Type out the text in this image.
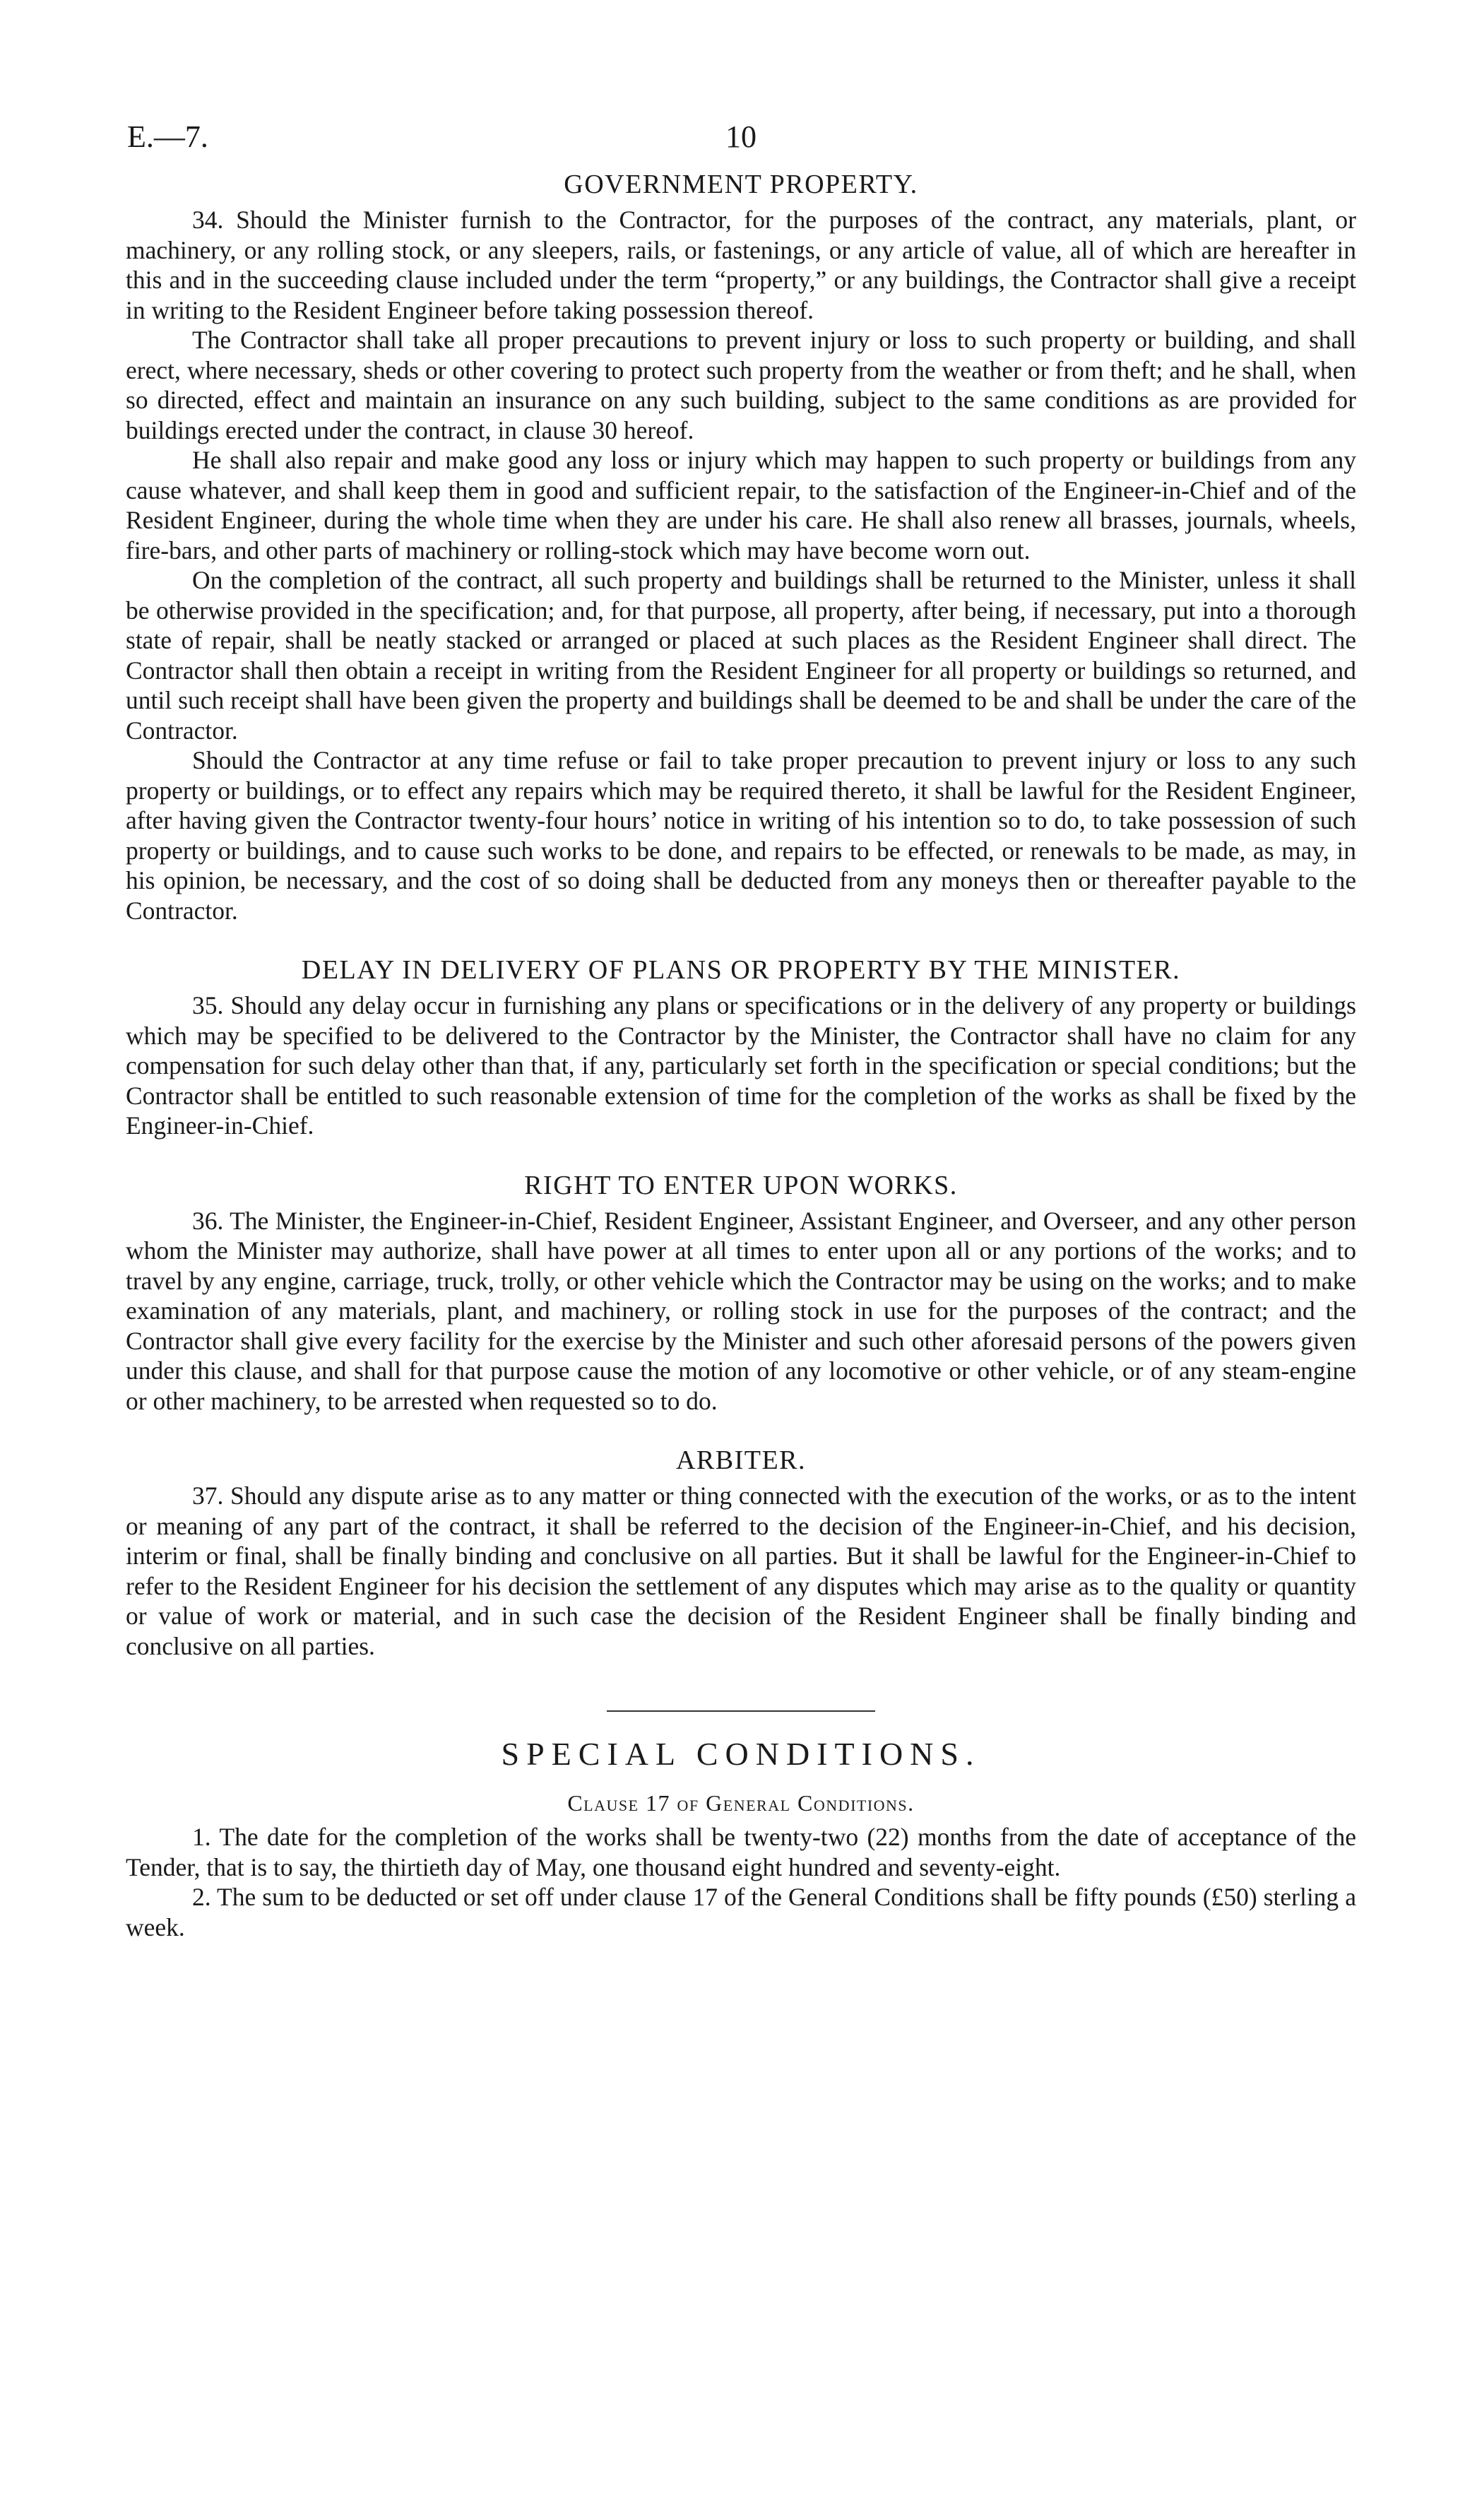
E.—7.	10
GOVERNMENT PROPERTY.

34. Should the Minister furnish to the Contractor, for the purposes of the contract, any materials, plant, or machinery, or any rolling stock, or any sleepers, rails, or fastenings, or any article of value, all of which are hereafter in this and in the succeeding clause included under the term “property,” or any buildings, the Contractor shall give a receipt in writing to the Resident Engineer before taking possession thereof.

The Contractor shall take all proper precautions to prevent injury or loss to such property or building, and shall erect, where necessary, sheds or other covering to protect such property from the weather or from theft; and he shall, when so directed, effect and maintain an insurance on any such building, subject to the same conditions as are provided for buildings erected under the contract, in clause 30 hereof.

He shall also repair and make good any loss or injury which may happen to such property or buildings from any cause whatever, and shall keep them in good and sufficient repair, to the satisfaction of the Engineer-in-Chief and of the Resident Engineer, during the whole time when they are under his care. He shall also renew all brasses, journals, wheels, fire-bars, and other parts of machinery or rolling-stock which may have become worn out.

On the completion of the contract, all such property and buildings shall be returned to the Minister, unless it shall be otherwise provided in the specification; and, for that purpose, all property, after being, if necessary, put into a thorough state of repair, shall be neatly stacked or arranged or placed at such places as the Resident Engineer shall direct. The Contractor shall then obtain a receipt in writing from the Resident Engineer for all property or buildings so returned, and until such receipt shall have been given the property and buildings shall be deemed to be and shall be under the care of the Contractor.

Should the Contractor at any time refuse or fail to take proper precaution to prevent injury or loss to any such property or buildings, or to effect any repairs which may be required thereto, it shall be lawful for the Resident Engineer, after having given the Contractor twenty-four hours’ notice in writing of his intention so to do, to take possession of such property or buildings, and to cause such works to be done, and repairs to be effected, or renewals to be made, as may, in his opinion, be necessary, and the cost of so doing shall be deducted from any moneys then or thereafter payable to the Contractor.

DELAY IN DELIVERY OF PLANS OR PROPERTY BY THE MINISTER.

35. Should any delay occur in furnishing any plans or specifications or in the delivery of any property or buildings which may be specified to be delivered to the Contractor by the Minister, the Contractor shall have no claim for any compensation for such delay other than that, if any, particularly set forth in the specification or special conditions; but the Contractor shall be entitled to such reasonable extension of time for the completion of the works as shall be fixed by the Engineer-in-Chief.

RIGHT TO ENTER UPON WORKS.

36. The Minister, the Engineer-in-Chief, Resident Engineer, Assistant Engineer, and Overseer, and any other person whom the Minister may authorize, shall have power at all times to enter upon all or any portions of the works; and to travel by any engine, carriage, truck, trolly, or other vehicle which the Contractor may be using on the works; and to make examination of any materials, plant, and machinery, or rolling stock in use for the purposes of the contract; and the Contractor shall give every facility for the exercise by the Minister and such other aforesaid persons of the powers given under this clause, and shall for that purpose cause the motion of any locomotive or other vehicle, or of any steam-engine or other machinery, to be arrested when requested so to do.

ARBITER.

37. Should any dispute arise as to any matter or thing connected with the execution of the works, or as to the intent or meaning of any part of the contract, it shall be referred to the decision of the Engineer-in-Chief, and his decision, interim or final, shall be finally binding and conclusive on all parties. But it shall be lawful for the Engineer-in-Chief to refer to the Resident Engineer for his decision the settlement of any disputes which may arise as to the quality or quantity or value of work or material, and in such case the decision of the Resident Engineer shall be finally binding and conclusive on all parties.

SPECIAL CONDITIONS.
Clause 17 of General Conditions.

1. The date for the completion of the works shall be twenty-two (22) months from the date of acceptance of the Tender, that is to say, the thirtieth day of May, one thousand eight hundred and seventy-eight.

2. The sum to be deducted or set off under clause 17 of the General Conditions shall be fifty pounds (£50) sterling a week.
